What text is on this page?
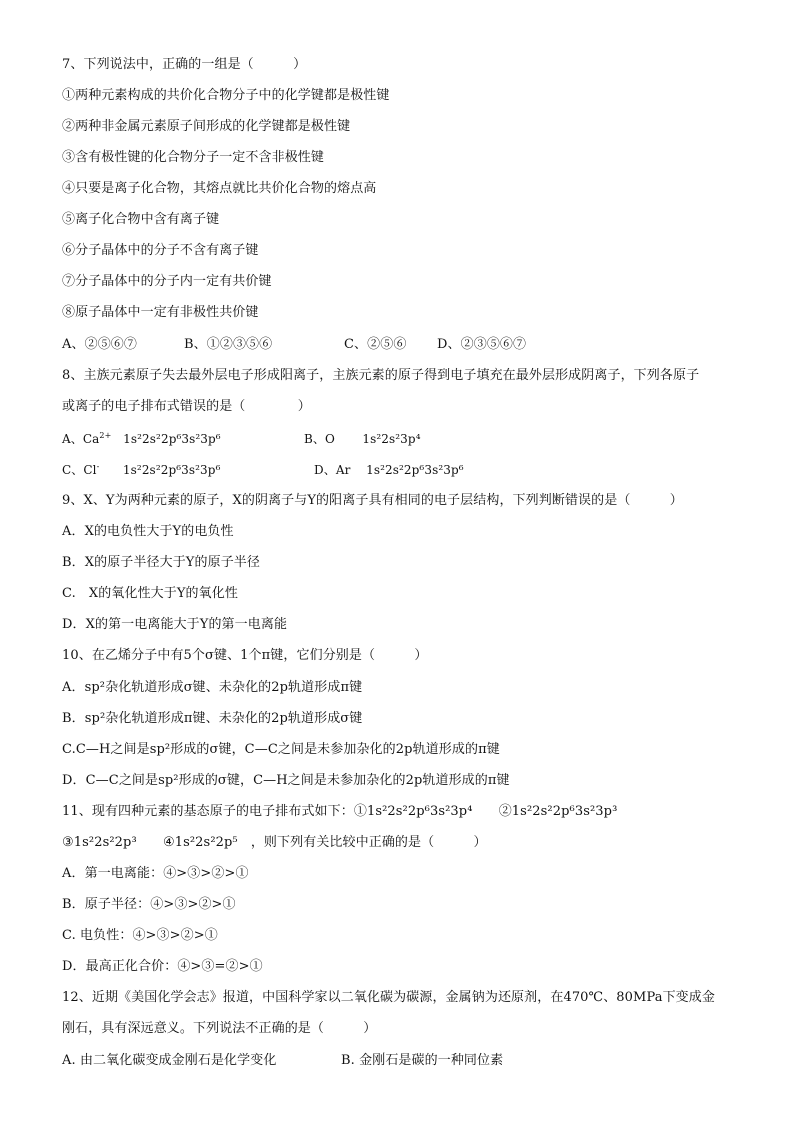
7、下列说法中，正确的一组是（　　　）
①两种元素构成的共价化合物分子中的化学键都是极性键
②两种非金属元素原子间形成的化学键都是极性键
③含有极性键的化合物分子一定不含非极性键
④只要是离子化合物，其熔点就比共价化合物的熔点高
⑤离子化合物中含有离子键
⑥分子晶体中的分子不含有离子键
⑦分子晶体中的分子内一定有共价键
⑧原子晶体中一定有非极性共价键
A、②⑤⑥⑦	B、①②③⑤⑥	C、②⑤⑥ D、②③⑤⑥⑦
8、主族元素原子失去最外层电子形成阳离子，主族元素的原子得到电子填充在最外层形成阴离子，下列各原子
或离子的电子排布式错误的是（　　　　）
A、$Ca^{2+}$ 1s²2s²2p⁶3s²3p⁶	B、O 1s²2s²3p⁴
C、Cl- 1s²2s²2p⁶3s²3p⁶	D、Ar 1s²2s²2p⁶3s²3p⁶
9、X、Y为两种元素的原子，X的阴离子与Y的阳离子具有相同的电子层结构，下列判断错误的是（　　　）
A．X的电负性大于Y的电负性
B．X的原子半径大于Y的原子半径
C.　X的氧化性大于Y的氧化性
D．X的第一电离能大于Y的第一电离能
10、在乙烯分子中有5个σ键、1个π键，它们分别是（　　　）
A．sp²杂化轨道形成σ键、未杂化的2p轨道形成π键
B．sp²杂化轨道形成π键、未杂化的2p轨道形成σ键
C.C—H之间是sp²形成的σ键，C—C之间是未参加杂化的2p轨道形成的π键
D．C—C之间是sp²形成的σ键，C—H之间是未参加杂化的2p轨道形成的π键
11、现有四种元素的基态原子的电子排布式如下：①1s²2s²2p⁶3s²3p⁴　　②1s²2s²2p⁶3s²3p³
③1s²2s²2p³　　④1s²2s²2p⁵　，则下列有关比较中正确的是（　　　）
A．第一电离能：④>③>②>①
B．原子半径：④>③>②>①
C. 电负性：④>③>②>①
D．最高正化合价：④>③=②>①
12、近期《美国化学会志》报道，中国科学家以二氧化碳为碳源，金属钠为还原剂，在470℃、80MPa下变成金
刚石，具有深远意义。下列说法不正确的是（　　　）
A. 由二氧化碳变成金刚石是化学变化	B. 金刚石是碳的一种同位素
